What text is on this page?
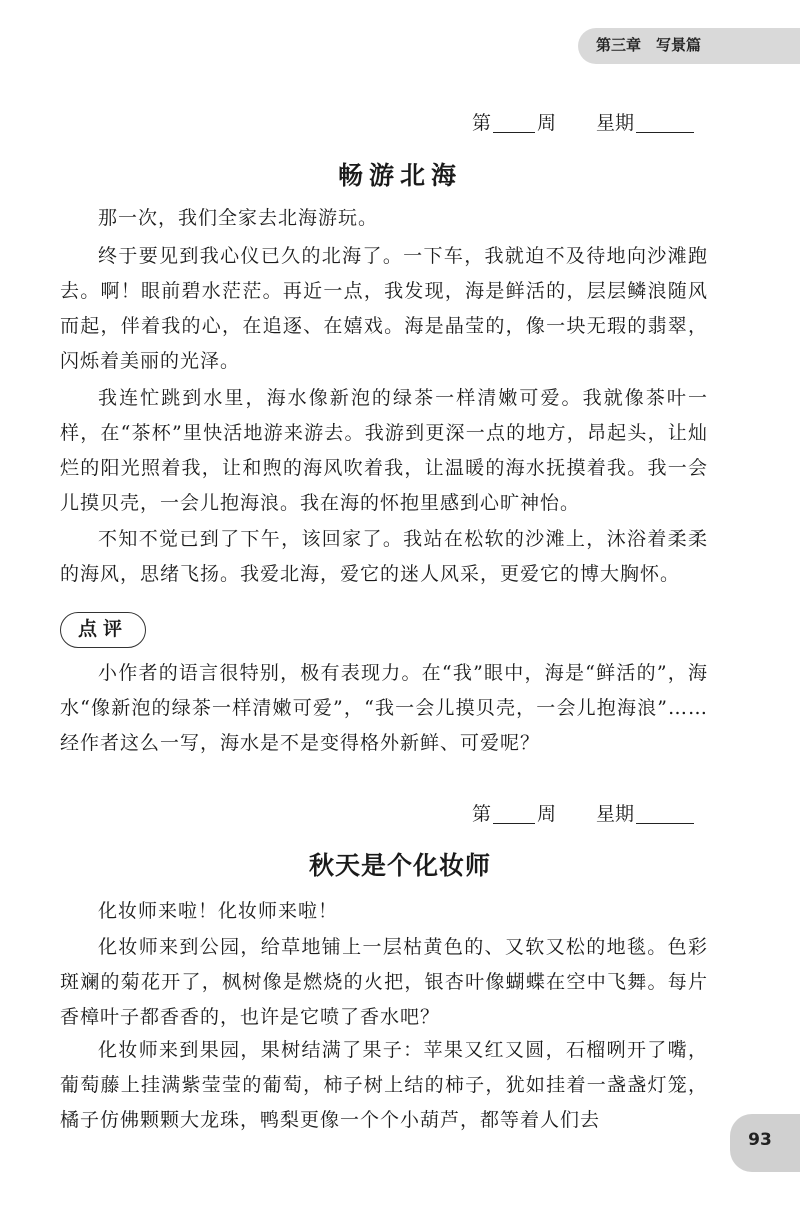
第三章　写景篇
第 周 星期
畅游北海

那一次，我们全家去北海游玩。

终于要见到我心仪已久的北海了。一下车，我就迫不及待地向沙滩跑去。啊！眼前碧水茫茫。再近一点，我发现，海是鲜活的，层层鳞浪随风而起，伴着我的心，在追逐、在嬉戏。海是晶莹的，像一块无瑕的翡翠，闪烁着美丽的光泽。

我连忙跳到水里，海水像新泡的绿茶一样清嫩可爱。我就像茶叶一样，在“茶杯”里快活地游来游去。我游到更深一点的地方，昂起头，让灿烂的阳光照着我，让和煦的海风吹着我，让温暖的海水抚摸着我。我一会儿摸贝壳，一会儿抱海浪。我在海的怀抱里感到心旷神怡。

不知不觉已到了下午，该回家了。我站在松软的沙滩上，沐浴着柔柔的海风，思绪飞扬。我爱北海，爱它的迷人风采，更爱它的博大胸怀。

点评

小作者的语言很特别，极有表现力。在“我”眼中，海是“鲜活的”，海水“像新泡的绿茶一样清嫩可爱”，“我一会儿摸贝壳，一会儿抱海浪”……经作者这么一写，海水是不是变得格外新鲜、可爱呢？

第 周 星期
秋天是个化妆师

化妆师来啦！化妆师来啦！

化妆师来到公园，给草地铺上一层枯黄色的、又软又松的地毯。色彩斑斓的菊花开了，枫树像是燃烧的火把，银杏叶像蝴蝶在空中飞舞。每片香樟叶子都香香的，也许是它喷了香水吧？

化妆师来到果园，果树结满了果子：苹果又红又圆，石榴咧开了嘴，葡萄藤上挂满紫莹莹的葡萄，柿子树上结的柿子，犹如挂着一盏盏灯笼，橘子仿佛颗颗大龙珠，鸭梨更像一个个小葫芦，都等着人们去

93
